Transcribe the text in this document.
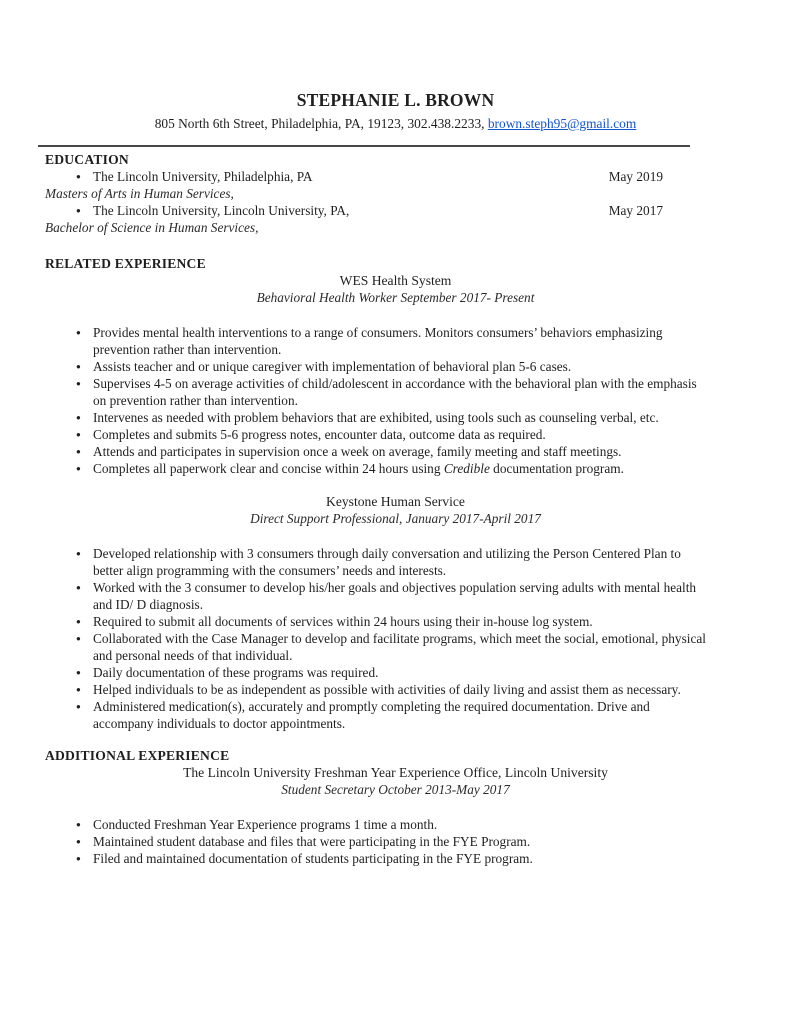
STEPHANIE L. BROWN
805 North 6th Street, Philadelphia, PA, 19123, 302.438.2233, brown.steph95@gmail.com
EDUCATION
● The Lincoln University, Philadelphia, PA	May 2019
Masters of Arts in Human Services,
● The Lincoln University, Lincoln University, PA,	May 2017
Bachelor of Science in Human Services,
RELATED EXPERIENCE
WES Health System
Behavioral Health Worker September 2017- Present
● Provides mental health interventions to a range of consumers. Monitors consumers’ behaviors emphasizing prevention rather than intervention.
● Assists teacher and or unique caregiver with implementation of behavioral plan 5-6 cases.
● Supervises 4-5 on average activities of child/adolescent in accordance with the behavioral plan with the emphasis on prevention rather than intervention.
● Intervenes as needed with problem behaviors that are exhibited, using tools such as counseling verbal, etc.
● Completes and submits 5-6 progress notes, encounter data, outcome data as required.
● Attends and participates in supervision once a week on average, family meeting and staff meetings.
● Completes all paperwork clear and concise within 24 hours using Credible documentation program.
Keystone Human Service
Direct Support Professional, January 2017-April 2017
● Developed relationship with 3 consumers through daily conversation and utilizing the Person Centered Plan to better align programming with the consumers’ needs and interests.
● Worked with the 3 consumer to develop his/her goals and objectives population serving adults with mental health and ID/ D diagnosis.
● Required to submit all documents of services within 24 hours using their in-house log system.
● Collaborated with the Case Manager to develop and facilitate programs, which meet the social, emotional, physical and personal needs of that individual.
● Daily documentation of these programs was required.
● Helped individuals to be as independent as possible with activities of daily living and assist them as necessary.
● Administered medication(s), accurately and promptly completing the required documentation. Drive and accompany individuals to doctor appointments.
ADDITIONAL EXPERIENCE
The Lincoln University Freshman Year Experience Office, Lincoln University
Student Secretary October 2013-May 2017
● Conducted Freshman Year Experience programs 1 time a month.
● Maintained student database and files that were participating in the FYE Program.
● Filed and maintained documentation of students participating in the FYE program.
